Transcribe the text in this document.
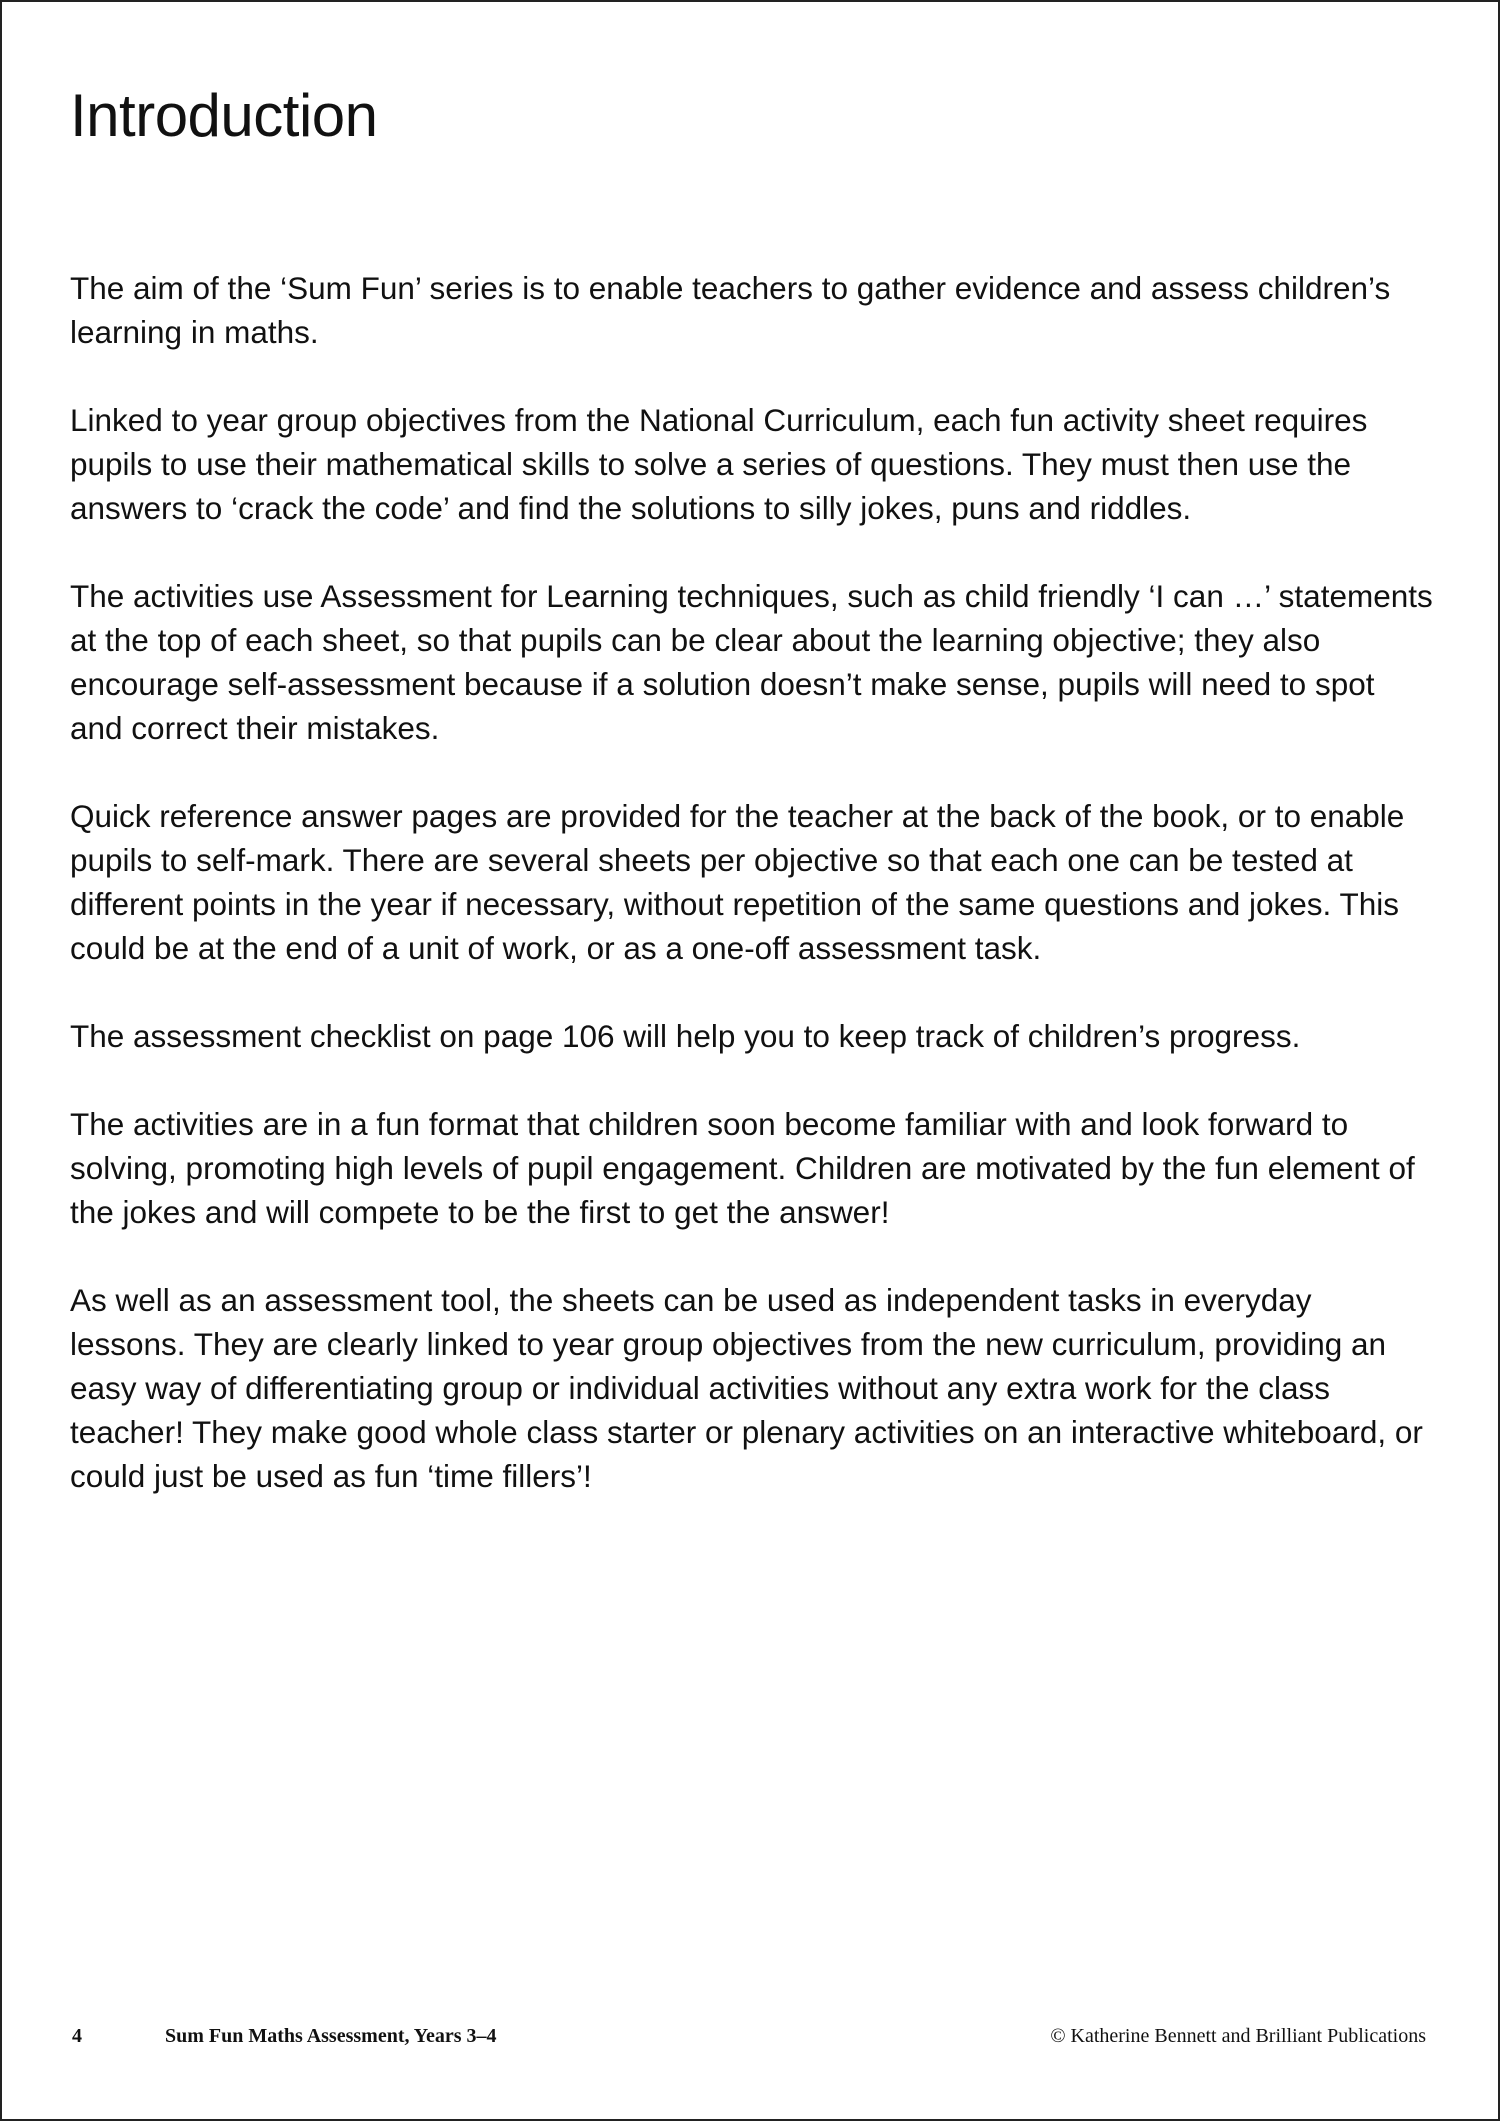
Introduction

The aim of the ‘Sum Fun’ series is to enable teachers to gather evidence and assess children’s learning in maths.

Linked to year group objectives from the National Curriculum, each fun activity sheet requires pupils to use their mathematical skills to solve a series of questions. They must then use the answers to ‘crack the code’ and find the solutions to silly jokes, puns and riddles.

The activities use Assessment for Learning techniques, such as child friendly ‘I can …’ statements at the top of each sheet, so that pupils can be clear about the learning objective; they also encourage self-assessment because if a solution doesn’t make sense, pupils will need to spot and correct their mistakes.

Quick reference answer pages are provided for the teacher at the back of the book, or to enable pupils to self-mark. There are several sheets per objective so that each one can be tested at different points in the year if necessary, without repetition of the same questions and jokes. This could be at the end of a unit of work, or as a one-off assessment task.

The assessment checklist on page 106 will help you to keep track of children’s progress.

The activities are in a fun format that children soon become familiar with and look forward to solving, promoting high levels of pupil engagement. Children are motivated by the fun element of the jokes and will compete to be the first to get the answer!

As well as an assessment tool, the sheets can be used as independent tasks in everyday lessons. They are clearly linked to year group objectives from the new curriculum, providing an easy way of differentiating group or individual activities without any extra work for the class teacher! They make good whole class starter or plenary activities on an interactive whiteboard, or could just be used as fun ‘time fillers’!

4	Sum Fun Maths Assessment, Years 3–4	© Katherine Bennett and Brilliant Publications
